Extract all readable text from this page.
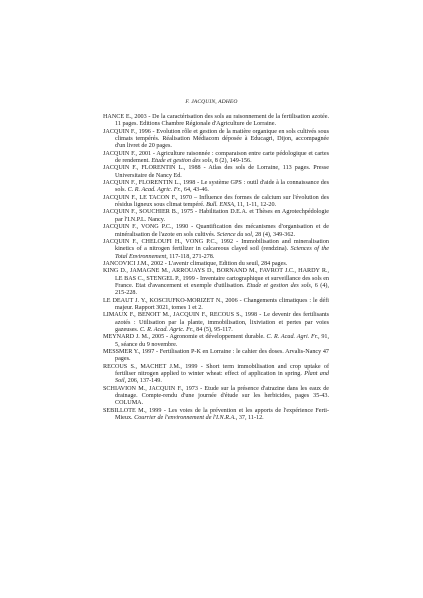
F. JACQUIN, ADHEO
HANCE E., 2003 - De la caractérisation des sols au raisonnement de la fertilisation azotée. 11 pages. Editions Chambre Régionale d'Agriculture de Lorraine.
JACQUIN F., 1996 - Evolution rôle et gestion de la matière organique en sols cultivés sous climats tempérés. Réalisation Médiacom déposée à Educagri, Dijon, accompagnée d'un livret de 20 pages.
JACQUIN F., 2001 - Agriculture raisonnée : comparaison entre carte pédologique et cartes de rendement. Etude et gestion des sols, 8 (2), 149-156.
JACQUIN F., FLORENTIN L., 1988 - Atlas des sols de Lorraine, 113 pages. Presse Universitaire de Nancy Ed.
JACQUIN F., FLORENTIN L., 1998 - Le système GPS : outil d'aide à la connaissance des sols. C. R. Acad. Agric. Fr., 64, 43-46.
JACQUIN F., LE TACON F., 1970 – Influence des formes de calcium sur l'évolution des résidus ligneux sous climat tempéré. Bull. ENSA, 11, 1-11, 12-20.
JACQUIN F., SOUCHIER B., 1975 - Habilitation D.E.A. et Thèses en Agrotechpédologie par l'I.N.P.L. Nancy.
JACQUIN F., VONG P.C., 1990 - Quantification des mécanismes d'organisation et de minéralisation de l'azote en sols cultivés. Science du sol, 28 (4), 349-362.
JACQUIN F., CHELOUFI H., VONG P.C., 1992 - Immobilisation and mineralisation kinetics of a nitrogen fertilizer in calcareous clayed soil (rendzina). Sciences of the Total Environnement, 117-118, 271-278.
JANCOVICI J.M., 2002 - L'avenir climatique, Edition du seuil, 284 pages.
KING D., JAMAGNE M., ARROUAYS D., BORNAND M., FAVROT J.C., HARDY R., LE BAS C., STENGEL P., 1999 - Inventaire cartographique et surveillance des sols en France. Etat d'avancement et exemple d'utilisation. Etude et gestion des sols, 6 (4), 215-228.
LE DEAUT J. Y., KOSCIUFKO-MORIZET N., 2006 - Changements climatiques : le défi majeur. Rapport 3021, tomes 1 et 2.
LIMAUX F., BENOIT M., JACQUIN F., RECOUS S., 1998 - Le devenir des fertilisants azotés : Utilisation par la plante, immobilisation, lixiviation et pertes par voies gazeuses. C. R. Acad. Agric. Fr., 84 (5), 95-117.
MEYNARD J. M., 2005 - Agronomie et développement durable. C. R. Acad. Agri. Fr., 91, 5, séance du 9 novembre.
MESSMER Y., 1997 - Fertilisation P-K en Lorraine : le cahier des doses. Arvalis-Nancy 47 pages.
RECOUS S., MACHET J.M., 1999 - Short term immobilisation and crop uptake of fertiliser nitrogen applied to winter wheat: effect of application in spring. Plant and Soil, 206, 137-149.
SCHIAVION M., JACQUIN F., 1973 - Etude sur la présence d'atrazine dans les eaux de drainage. Compte-rendu d'une journée d'étude sur les herbicides, pages 35-43. COLUMA.
SEBILLOTE M., 1999 - Les voies de la prévention et les apports de l'expérience Ferti-Mieux. Courrier de l'environnement de l'I.N.R.A., 37, 11-12.
